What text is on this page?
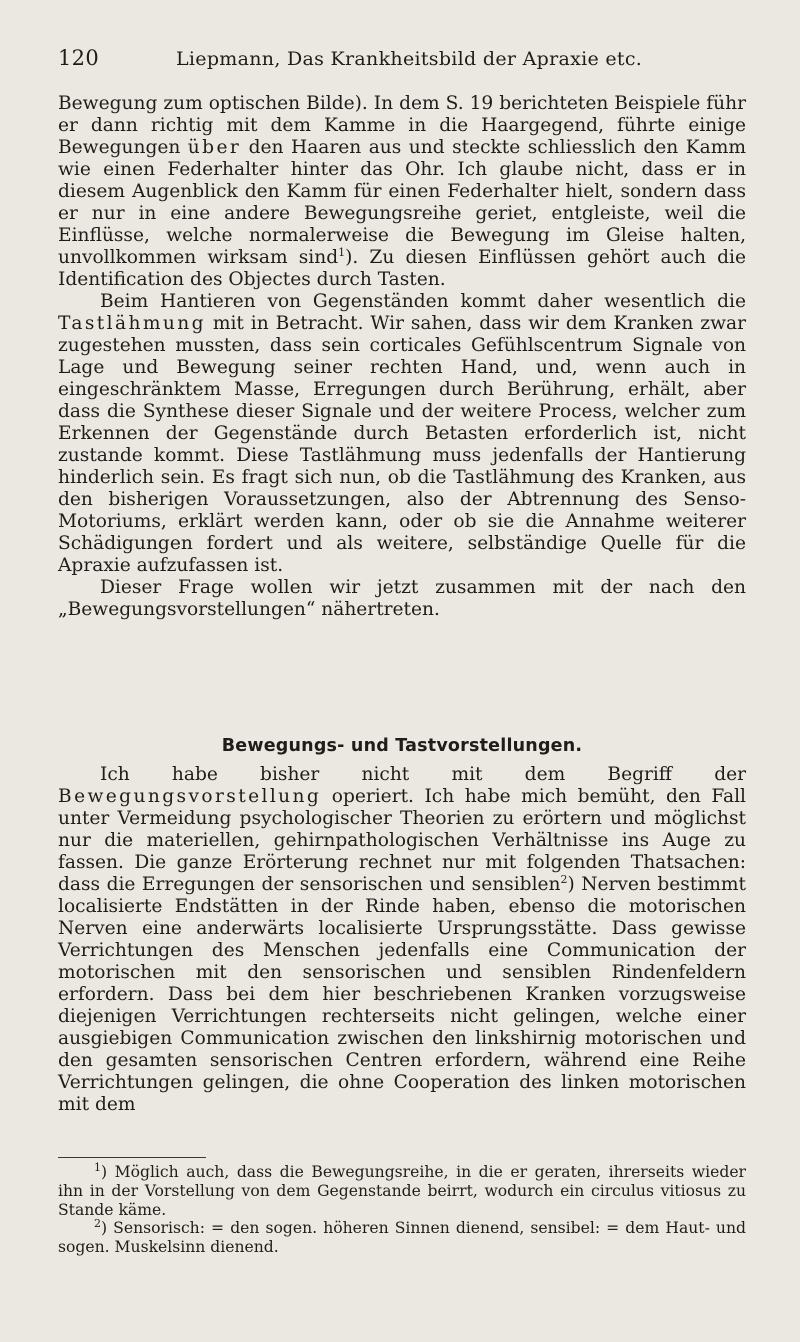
120	Liepmann, Das Krankheitsbild der Apraxie etc.

Bewegung zum optischen Bilde). In dem S. 19 berichteten Beispiele führ er dann richtig mit dem Kamme in die Haargegend, führte einige Bewegungen über den Haaren aus und steckte schliesslich den Kamm wie einen Federhalter hinter das Ohr. Ich glaube nicht, dass er in diesem Augenblick den Kamm für einen Federhalter hielt, sondern dass er nur in eine andere Bewegungsreihe geriet, entgleiste, weil die Einflüsse, welche normalerweise die Bewegung im Gleise halten, unvollkommen wirksam sind$^1$). Zu diesen Einflüssen gehört auch die Identification des Objectes durch Tasten.

Beim Hantieren von Gegenständen kommt daher wesentlich die Tastlähmung mit in Betracht. Wir sahen, dass wir dem Kranken zwar zugestehen mussten, dass sein corticales Gefühlscentrum Signale von Lage und Bewegung seiner rechten Hand, und, wenn auch in eingeschränktem Masse, Erregungen durch Berührung, erhält, aber dass die Synthese dieser Signale und der weitere Process, welcher zum Erkennen der Gegenstände durch Betasten erforderlich ist, nicht zustande kommt. Diese Tastlähmung muss jedenfalls der Hantierung hinderlich sein. Es fragt sich nun, ob die Tastlähmung des Kranken, aus den bisherigen Voraussetzungen, also der Abtrennung des Senso-Motoriums, erklärt werden kann, oder ob sie die Annahme weiterer Schädigungen fordert und als weitere, selbständige Quelle für die Apraxie aufzufassen ist.

Dieser Frage wollen wir jetzt zusammen mit der nach den „Bewegungsvorstellungen“ nähertreten.

Bewegungs- und Tastvorstellungen.

Ich habe bisher nicht mit dem Begriff der Bewegungsvorstellung operiert. Ich habe mich bemüht, den Fall unter Vermeidung psychologischer Theorien zu erörtern und möglichst nur die materiellen, gehirnpathologischen Verhältnisse ins Auge zu fassen. Die ganze Erörterung rechnet nur mit folgenden Thatsachen: dass die Erregungen der sensorischen und sensiblen$^2$) Nerven bestimmt localisierte Endstätten in der Rinde haben, ebenso die motorischen Nerven eine anderwärts localisierte Ursprungsstätte. Dass gewisse Verrichtungen des Menschen jedenfalls eine Communication der motorischen mit den sensorischen und sensiblen Rindenfeldern erfordern. Dass bei dem hier beschriebenen Kranken vorzugsweise diejenigen Verrichtungen rechterseits nicht gelingen, welche einer ausgiebigen Communication zwischen den linkshirnig motorischen und den gesamten sensorischen Centren erfordern, während eine Reihe Verrichtungen gelingen, die ohne Cooperation des linken motorischen mit dem

$^1$) Möglich auch, dass die Bewegungsreihe, in die er geraten, ihrerseits wieder ihn in der Vorstellung von dem Gegenstande beirrt, wodurch ein circulus vitiosus zu Stande käme.

$^2$) Sensorisch: = den sogen. höheren Sinnen dienend, sensibel: = dem Haut- und sogen. Muskelsinn dienend.
